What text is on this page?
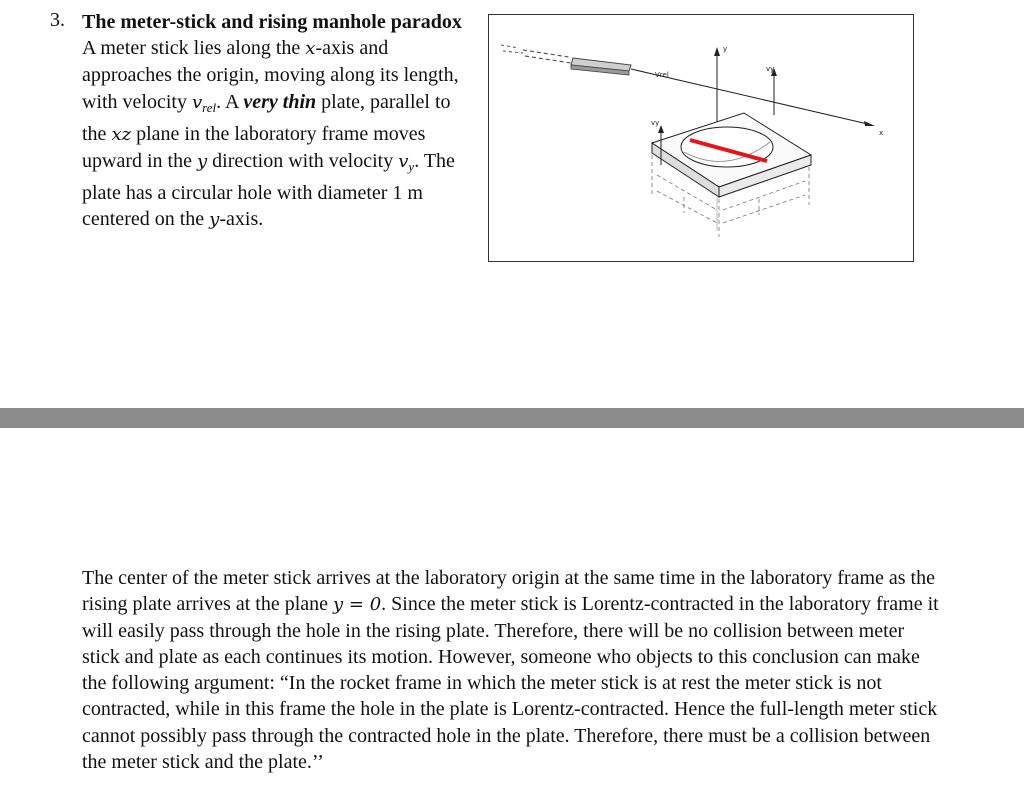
3. The meter-stick and rising manhole paradox
A meter stick lies along the x-axis and approaches the origin, moving along its length, with velocity $v_{rel}$. A very thin plate, parallel to the xz plane in the laboratory frame moves upward in the y direction with velocity $v_y$. The plate has a circular hole with diameter 1 m centered on the y-axis.
x
y
Vrel
vy
vy
The center of the meter stick arrives at the laboratory origin at the same time in the laboratory frame as the rising plate arrives at the plane y = 0. Since the meter stick is Lorentz-contracted in the laboratory frame it will easily pass through the hole in the rising plate. Therefore, there will be no collision between meter stick and plate as each continues its motion. However, someone who objects to this conclusion can make the following argument: “In the rocket frame in which the meter stick is at rest the meter stick is not contracted, while in this frame the hole in the plate is Lorentz-contracted. Hence the full-length meter stick cannot possibly pass through the contracted hole in the plate. Therefore, there must be a collision between the meter stick and the plate.’’
